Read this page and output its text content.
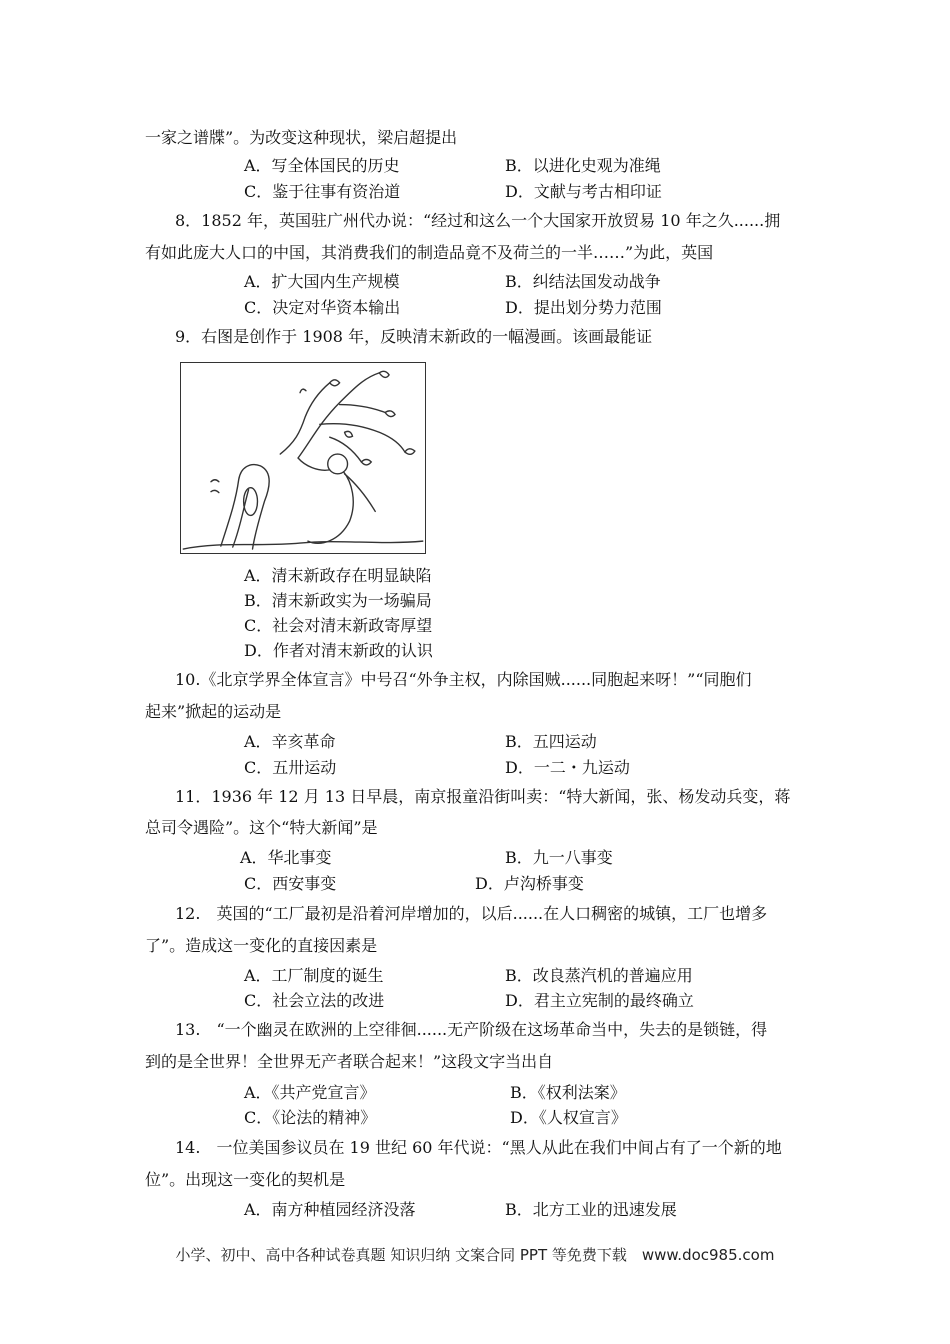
一家之谱牒”。为改变这种现状，梁启超提出
A．写全体国民的历史	B．以进化史观为准绳
C．鉴于往事有资治道	D．文献与考古相印证
8．1852 年，英国驻广州代办说：“经过和这么一个大国家开放贸易 10 年之久......拥
有如此庞大人口的中国，其消费我们的制造品竟不及荷兰的一半……”为此，英国
A．扩大国内生产规模	B．纠结法国发动战争
C．决定对华资本输出	D．提出划分势力范围
9．右图是创作于 1908 年，反映清末新政的一幅漫画。该画最能证
A．清末新政存在明显缺陷
B．清末新政实为一场骗局
C．社会对清末新政寄厚望
D．作者对清末新政的认识
10.《北京学界全体宣言》中号召“外争主权，内除国贼......同胞起来呀！”“同胞们
起来”掀起的运动是
A．辛亥革命	B．五四运动
C．五卅运动	D．一二・九运动
11．1936 年 12 月 13 日早晨，南京报童沿街叫卖：“特大新闻，张、杨发动兵变，蒋
总司令遇险”。这个“特大新闻”是
A．华北事变	B．九一八事变
C．西安事变	D．卢沟桥事变
12.　英国的“工厂最初是沿着河岸增加的，以后......在人口稠密的城镇，工厂也增多
了”。造成这一变化的直接因素是
A．工厂制度的诞生	B．改良蒸汽机的普遍应用
C．社会立法的改进	D．君主立宪制的最终确立
13.　“一个幽灵在欧洲的上空徘徊......无产阶级在这场革命当中，失去的是锁链，得
到的是全世界！全世界无产者联合起来！”这段文字当出自
A．《共产党宣言》	B．《权利法案》
C．《论法的精神》	D．《人权宣言》
14.　一位美国参议员在 19 世纪 60 年代说：“黑人从此在我们中间占有了一个新的地
位”。出现这一变化的契机是
A．南方种植园经济没落	B．北方工业的迅速发展
小学、初中、高中各种试卷真题 知识归纳 文案合同 PPT 等免费下载　www.doc985.com
